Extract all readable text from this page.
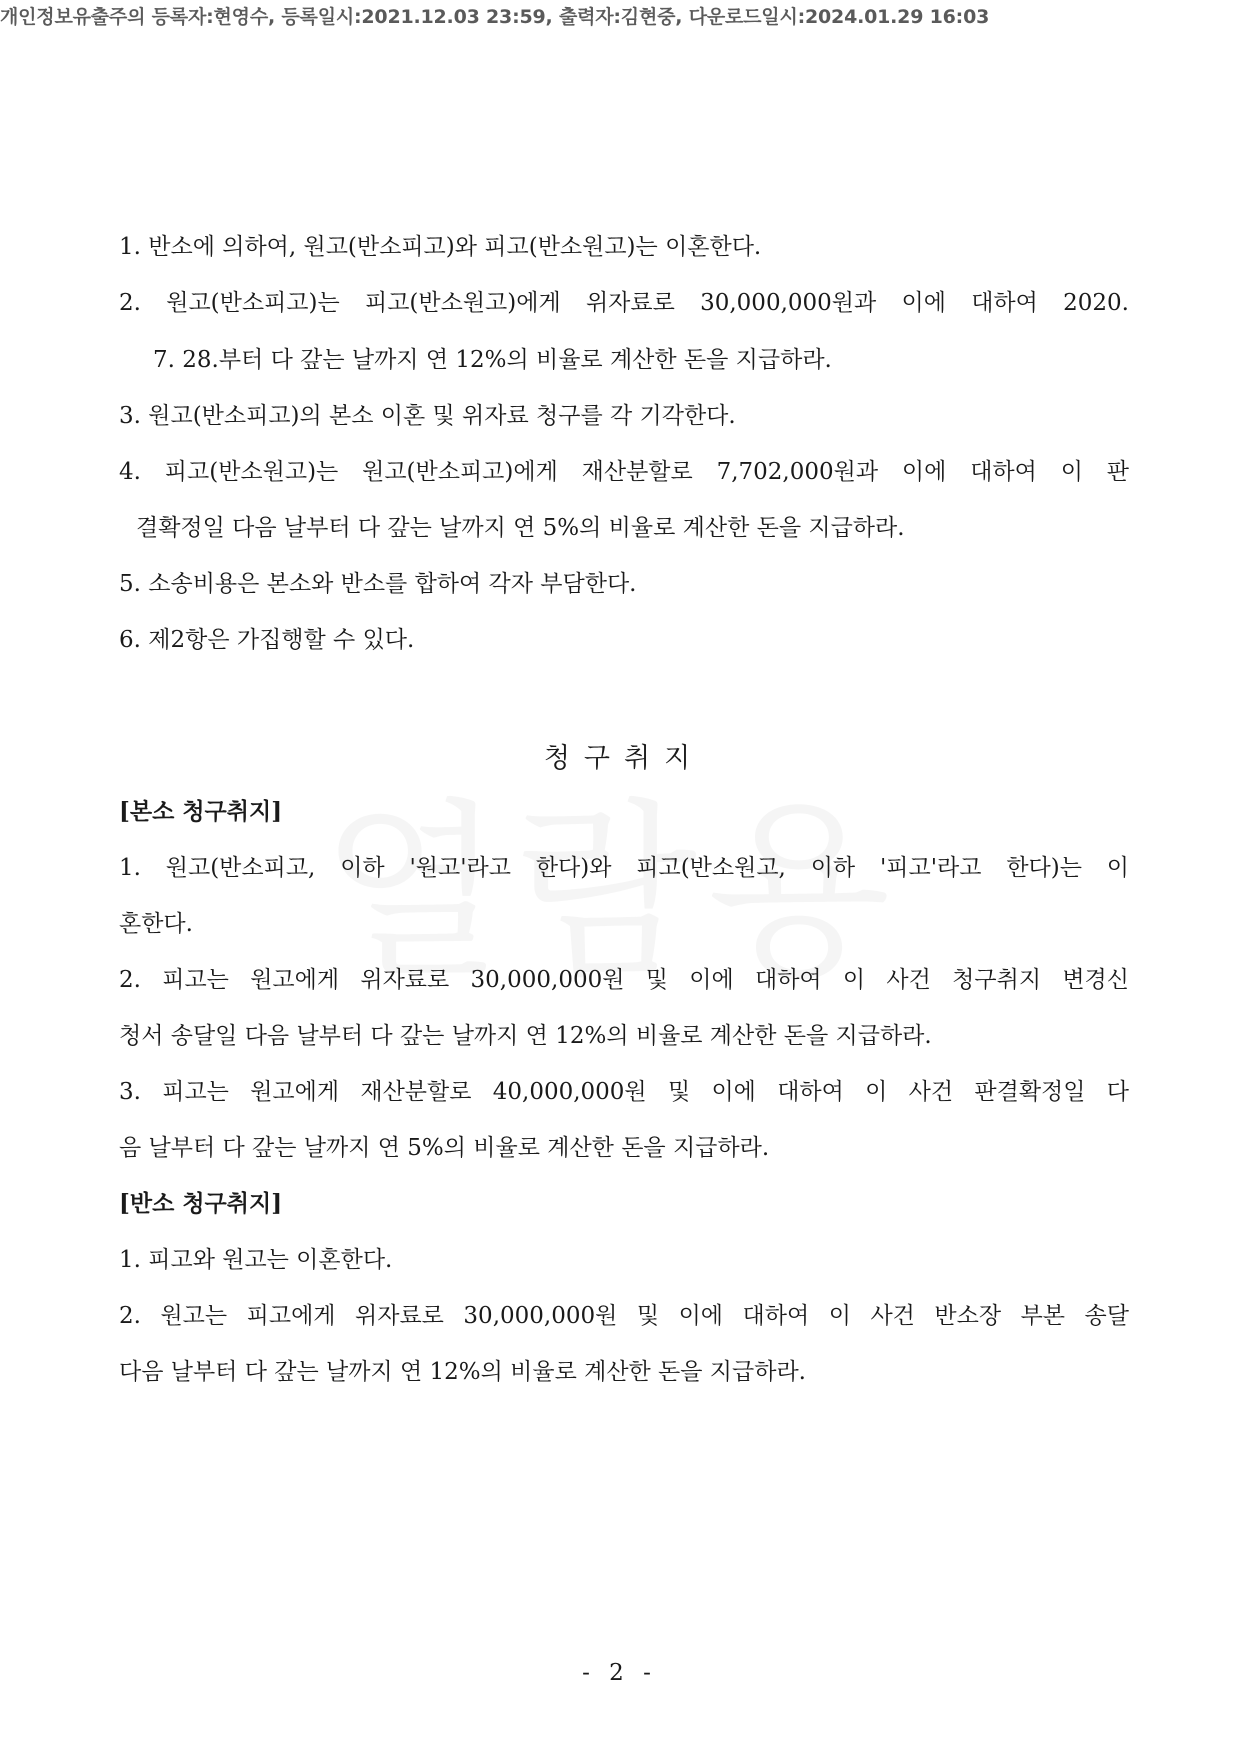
개인정보유출주의 등록자:현영수, 등록일시:2021.12.03 23:59, 출력자:김현중, 다운로드일시:2024.01.29 16:03
1. 반소에 의하여, 원고(반소피고)와 피고(반소원고)는 이혼한다.
2. 원고(반소피고)는 피고(반소원고)에게 위자료로 30,000,000원과 이에 대하여 2020.
7. 28.부터 다 갚는 날까지 연 12%의 비율로 계산한 돈을 지급하라.
3. 원고(반소피고)의 본소 이혼 및 위자료 청구를 각 기각한다.
4. 피고(반소원고)는 원고(반소피고)에게 재산분할로 7,702,000원과 이에 대하여 이 판
결확정일 다음 날부터 다 갚는 날까지 연 5%의 비율로 계산한 돈을 지급하라.
5. 소송비용은 본소와 반소를 합하여 각자 부담한다.
6. 제2항은 가집행할 수 있다.
청구취지
[본소 청구취지]
1. 원고(반소피고, 이하 '원고'라고 한다)와 피고(반소원고, 이하 '피고'라고 한다)는 이
혼한다.
2. 피고는 원고에게 위자료로 30,000,000원 및 이에 대하여 이 사건 청구취지 변경신
청서 송달일 다음 날부터 다 갚는 날까지 연 12%의 비율로 계산한 돈을 지급하라.
3. 피고는 원고에게 재산분할로 40,000,000원 및 이에 대하여 이 사건 판결확정일 다
음 날부터 다 갚는 날까지 연 5%의 비율로 계산한 돈을 지급하라.
[반소 청구취지]
1. 피고와 원고는 이혼한다.
2. 원고는 피고에게 위자료로 30,000,000원 및 이에 대하여 이 사건 반소장 부본 송달
다음 날부터 다 갚는 날까지 연 12%의 비율로 계산한 돈을 지급하라.
- 2 -
